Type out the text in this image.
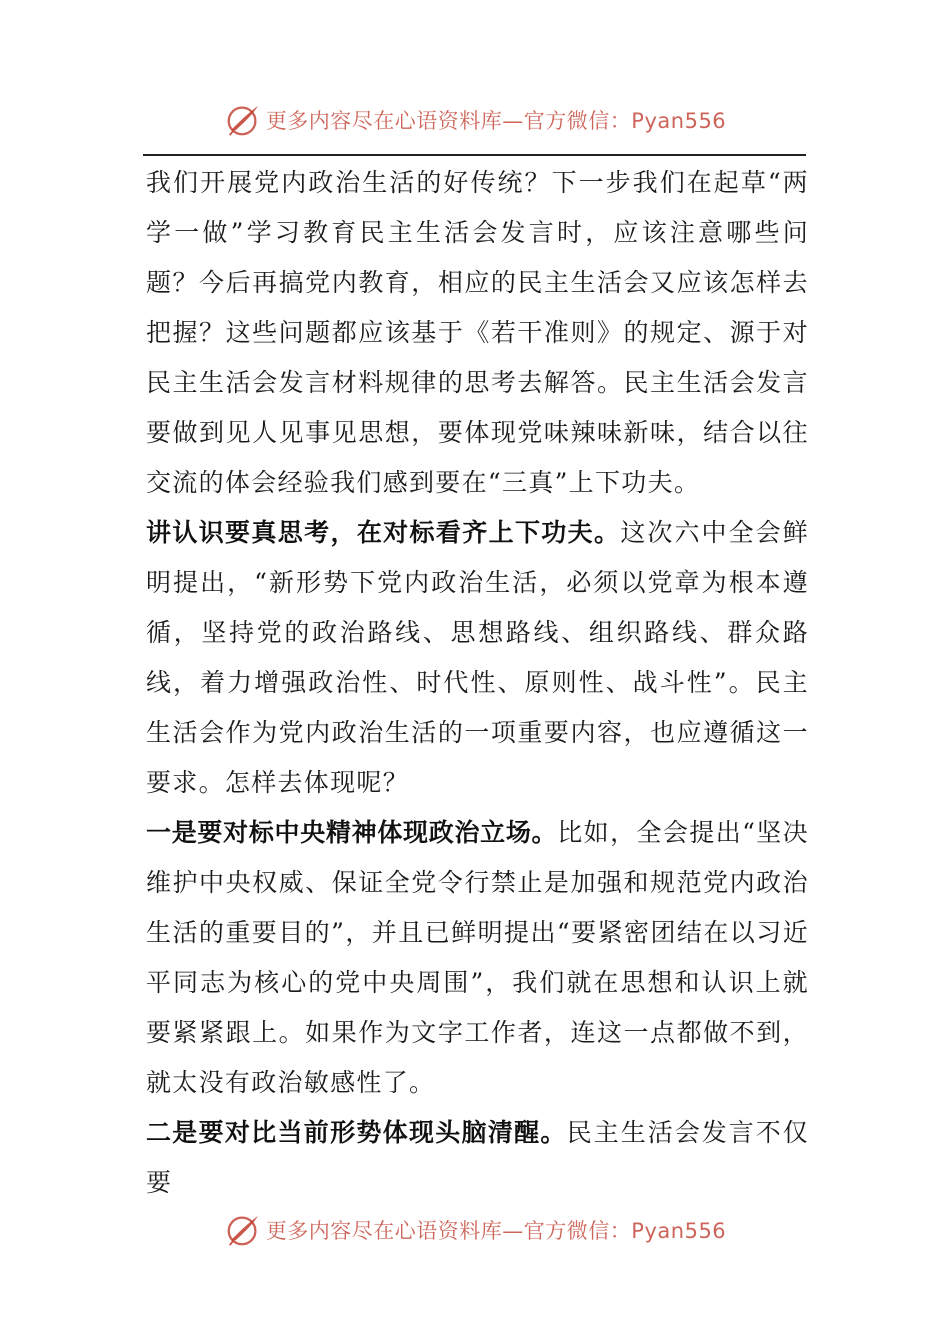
更多内容尽在心语资料库—官方微信：Pyan556

我们开展党内政治生活的好传统？下一步我们在起草“两学一做”学习教育民主生活会发言时，应该注意哪些问题？今后再搞党内教育，相应的民主生活会又应该怎样去把握？这些问题都应该基于《若干准则》的规定、源于对民主生活会发言材料规律的思考去解答。民主生活会发言要做到见人见事见思想，要体现党味辣味新味，结合以往交流的体会经验我们感到要在“三真”上下功夫。

讲认识要真思考，在对标看齐上下功夫。这次六中全会鲜明提出，“新形势下党内政治生活，必须以党章为根本遵循，坚持党的政治路线、思想路线、组织路线、群众路线，着力增强政治性、时代性、原则性、战斗性”。民主生活会作为党内政治生活的一项重要内容，也应遵循这一要求。怎样去体现呢？

一是要对标中央精神体现政治立场。比如，全会提出“坚决维护中央权威、保证全党令行禁止是加强和规范党内政治生活的重要目的”，并且已鲜明提出“要紧密团结在以习近平同志为核心的党中央周围”，我们就在思想和认识上就要紧紧跟上。如果作为文字工作者，连这一点都做不到，就太没有政治敏感性了。

二是要对比当前形势体现头脑清醒。民主生活会发言不仅要

更多内容尽在心语资料库—官方微信：Pyan556
